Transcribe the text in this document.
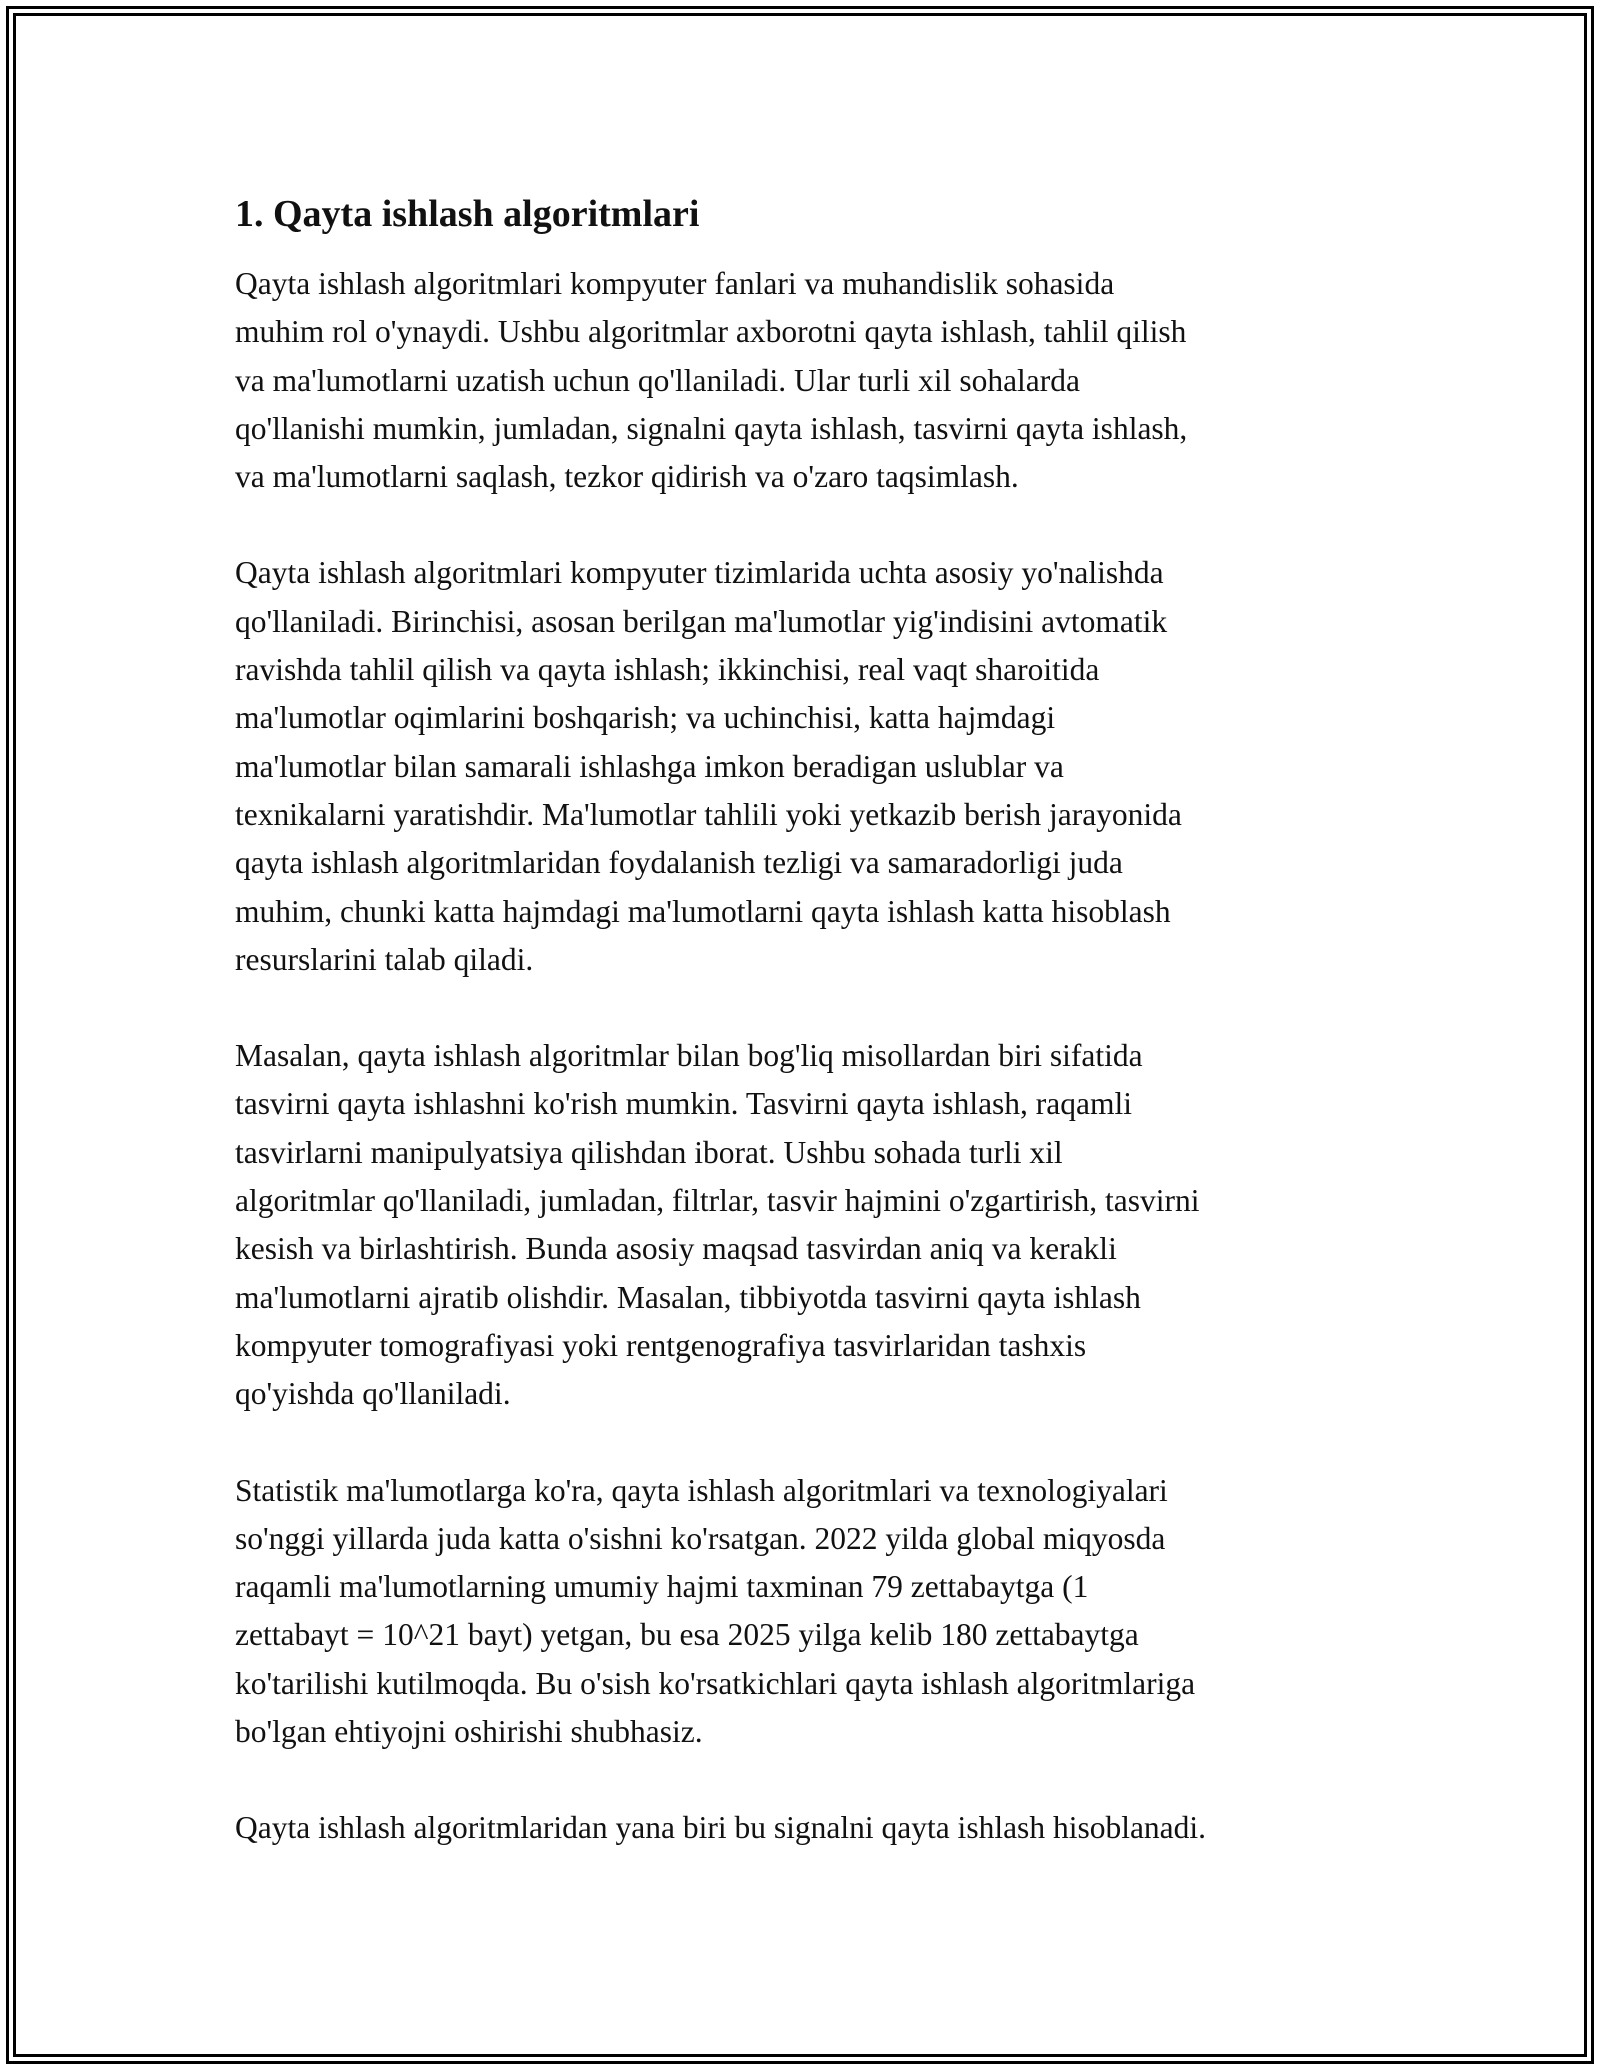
1. Qayta ishlash algoritmlari
Qayta ishlash algoritmlari kompyuter fanlari va muhandislik sohasida
muhim rol o'ynaydi. Ushbu algoritmlar axborotni qayta ishlash, tahlil qilish
va ma'lumotlarni uzatish uchun qo'llaniladi. Ular turli xil sohalarda
qo'llanishi mumkin, jumladan, signalni qayta ishlash, tasvirni qayta ishlash,
va ma'lumotlarni saqlash, tezkor qidirish va o'zaro taqsimlash.
Qayta ishlash algoritmlari kompyuter tizimlarida uchta asosiy yo'nalishda
qo'llaniladi. Birinchisi, asosan berilgan ma'lumotlar yig'indisini avtomatik
ravishda tahlil qilish va qayta ishlash; ikkinchisi, real vaqt sharoitida
ma'lumotlar oqimlarini boshqarish; va uchinchisi, katta hajmdagi
ma'lumotlar bilan samarali ishlashga imkon beradigan uslublar va
texnikalarni yaratishdir. Ma'lumotlar tahlili yoki yetkazib berish jarayonida
qayta ishlash algoritmlaridan foydalanish tezligi va samaradorligi juda
muhim, chunki katta hajmdagi ma'lumotlarni qayta ishlash katta hisoblash
resurslarini talab qiladi.
Masalan, qayta ishlash algoritmlar bilan bog'liq misollardan biri sifatida
tasvirni qayta ishlashni ko'rish mumkin. Tasvirni qayta ishlash, raqamli
tasvirlarni manipulyatsiya qilishdan iborat. Ushbu sohada turli xil
algoritmlar qo'llaniladi, jumladan, filtrlar, tasvir hajmini o'zgartirish, tasvirni
kesish va birlashtirish. Bunda asosiy maqsad tasvirdan aniq va kerakli
ma'lumotlarni ajratib olishdir. Masalan, tibbiyotda tasvirni qayta ishlash
kompyuter tomografiyasi yoki rentgenografiya tasvirlaridan tashxis
qo'yishda qo'llaniladi.
Statistik ma'lumotlarga ko'ra, qayta ishlash algoritmlari va texnologiyalari
so'nggi yillarda juda katta o'sishni ko'rsatgan. 2022 yilda global miqyosda
raqamli ma'lumotlarning umumiy hajmi taxminan 79 zettabaytga (1
zettabayt = 10^21 bayt) yetgan, bu esa 2025 yilga kelib 180 zettabaytga
ko'tarilishi kutilmoqda. Bu o'sish ko'rsatkichlari qayta ishlash algoritmlariga
bo'lgan ehtiyojni oshirishi shubhasiz.
Qayta ishlash algoritmlaridan yana biri bu signalni qayta ishlash hisoblanadi.
